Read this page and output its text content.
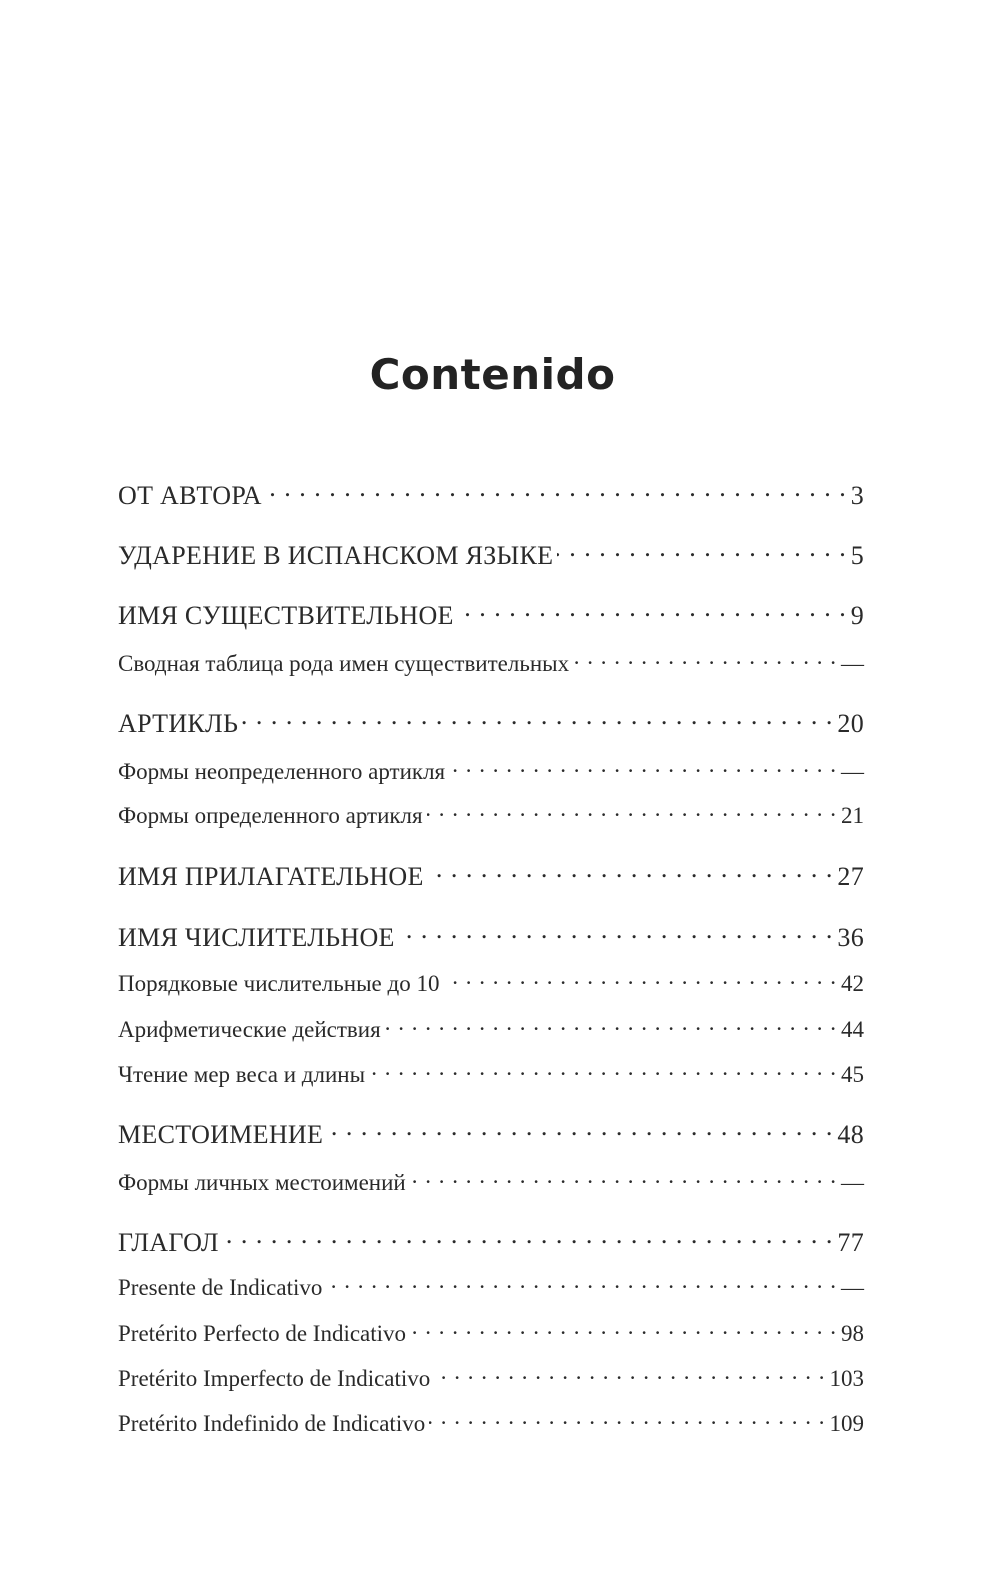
Contenido
ОТ АВТОРА . . .	3
УДАРЕНИЕ В ИСПАНСКОМ ЯЗЫКЕ . . .	5
ИМЯ СУЩЕСТВИТЕЛЬНОЕ . . .	9
Сводная таблица рода имен существительных . . .	—
АРТИКЛЬ . . .	20
Формы неопределенного артикля . . .	—
Формы определенного артикля . . .	21
ИМЯ ПРИЛАГАТЕЛЬНОЕ . . .	27
ИМЯ ЧИСЛИТЕЛЬНОЕ . . .	36
Порядковые числительные до 10 . . .	42
Арифметические действия . . .	44
Чтение мер веса и длины . . .	45
МЕСТОИМЕНИЕ . . .	48
Формы личных местоимений . . .	—
ГЛАГОЛ . . .	77
Presente de Indicativo . . .	—
Pretérito Perfecto de Indicativo . . .	98
Pretérito Imperfecto de Indicativo . . .	103
Pretérito Indefinido de Indicativo . . .	109
